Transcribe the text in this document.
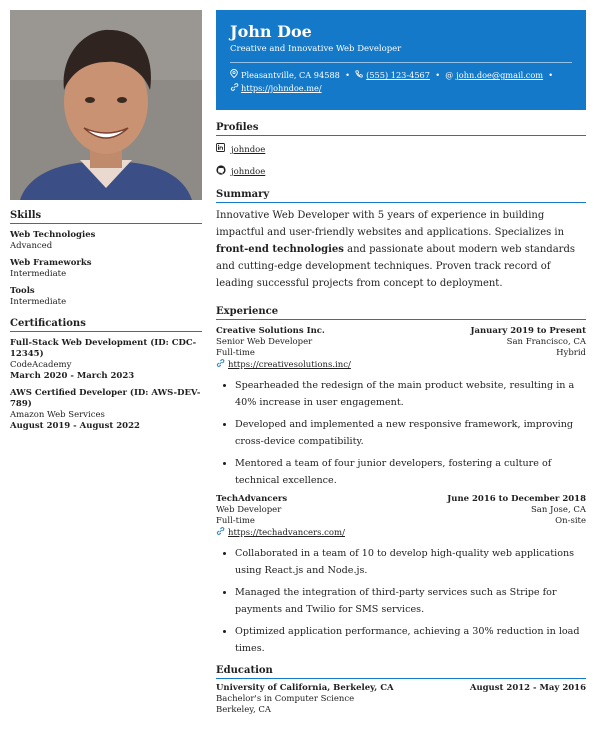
Skills
Web Technologies
Advanced
Web Frameworks
Intermediate
Tools
Intermediate
Certifications
Full-Stack Web Development (ID: CDC-12345)
CodeAcademy
March 2020 - March 2023
AWS Certified Developer (ID: AWS-DEV-789)
Amazon Web Services
August 2019 - August 2022
John Doe
Creative and Innovative Web Developer
Pleasantville, CA 94588  •  (555) 123-4567  •  @ john.doe@gmail.com  •
https://johndoe.me/
Profiles
johndoe
johndoe
Summary
Innovative Web Developer with 5 years of experience in building impactful and user-friendly websites and applications. Specializes in front-end technologies and passionate about modern web standards and cutting-edge development techniques. Proven track record of leading successful projects from concept to deployment.
Experience
Creative Solutions Inc.	January 2019 to Present
Senior Web Developer	San Francisco, CA
Full-time	Hybrid
https://creativesolutions.inc/
• Spearheaded the redesign of the main product website, resulting in a 40% increase in user engagement.
• Developed and implemented a new responsive framework, improving cross-device compatibility.
• Mentored a team of four junior developers, fostering a culture of technical excellence.
TechAdvancers	June 2016 to December 2018
Web Developer	San Jose, CA
Full-time	On-site
https://techadvancers.com/
• Collaborated in a team of 10 to develop high-quality web applications using React.js and Node.js.
• Managed the integration of third-party services such as Stripe for payments and Twilio for SMS services.
• Optimized application performance, achieving a 30% reduction in load times.
Education
University of California, Berkeley, CA	August 2012 - May 2016
Bachelor's in Computer Science
Berkeley, CA
